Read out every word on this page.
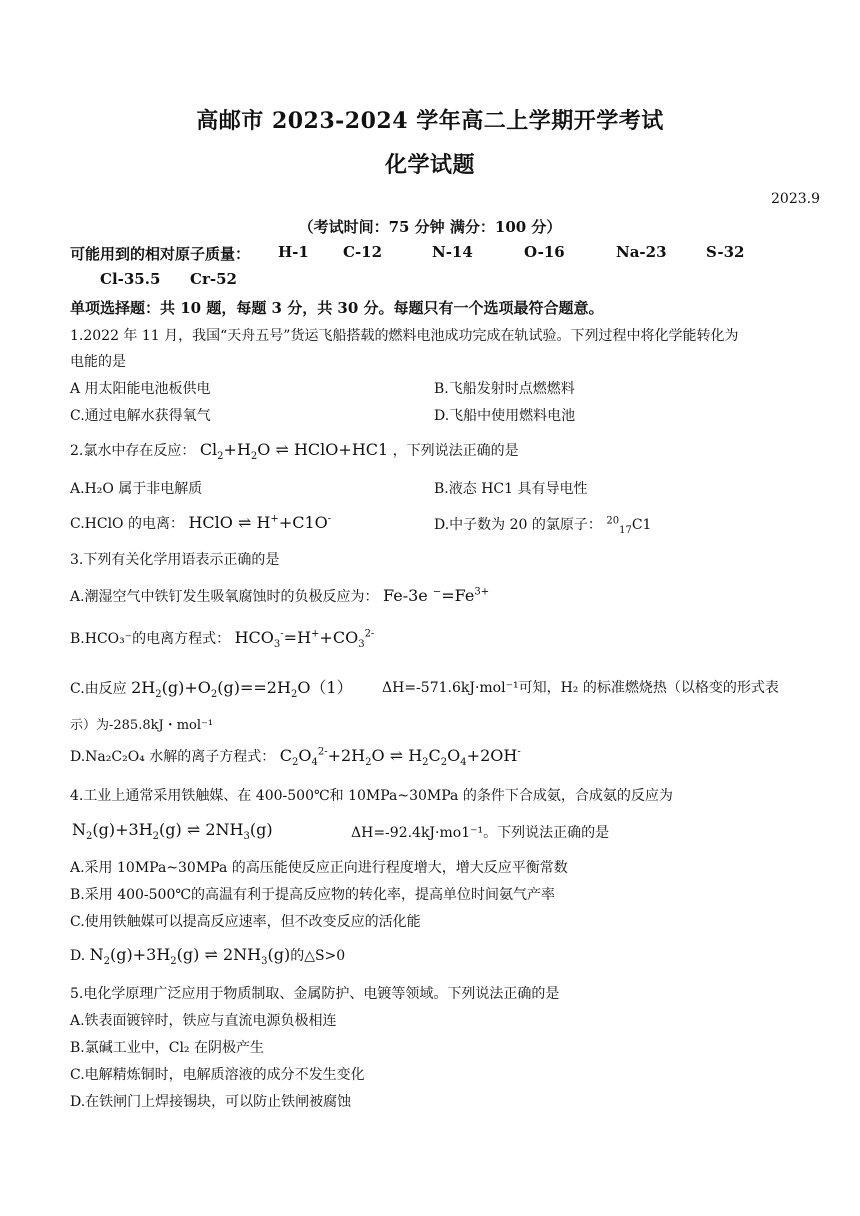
高邮市 2023-2024 学年高二上学期开学考试
化学试题
2023.9
（考试时间：75 分钟 满分：100 分）
可能用到的相对原子质量： H-1 C-12	N-14	O-16	Na-23	S-32
Cl-35.5 Cr-52
单项选择题：共 10 题，每题 3 分，共 30 分。每题只有一个选项最符合题意。
1.2022 年 11 月，我国“天舟五号”货运飞船搭载的燃料电池成功完成在轨试验。下列过程中将化学能转化为
电能的是
A 用太阳能电池板供电	B.飞船发射时点燃燃料
C.通过电解水获得氧气	D.飞船中使用燃料电池
2.氯水中存在反应： $Cl_2+H_2O$ ⇌ HClO+HC1 ，下列说法正确的是
A.H₂O 属于非电解质	B.液态 HC1 具有导电性
C.HClO 的电离： HClO ⇌ H++C1O-	D.中子数为 20 的氯原子： $^{20}_{17}$C1
3.下列有关化学用语表示正确的是
A.潮湿空气中铁钉发生吸氧腐蚀时的负极反应为： Fe-3e $^-=Fe^{3+}$
B.HCO₃⁻的电离方程式： $HCO_3^-=H^++CO_3^{2-}$
C.由反应 $2H_2(g)+O_2(g)==2H_2O(1)$ ΔH=-571.6kJ·mol⁻¹可知，H₂ 的标准燃烧热（以格变的形式表
示）为-285.8kJ・mol⁻¹
D.Na₂C₂O₄ 水解的离子方程式： $C_2O_4^{2-}+2H_2O$ ⇌ $H_2C_2O_4+2OH^-$
4.工业上通常采用铁触媒、在 400-500℃和 10MPa~30MPa 的条件下合成氨，合成氨的反应为
$N_2(g)+3H_2(g)$ ⇌ $2NH_3(g)$	ΔH=-92.4kJ·mo1⁻¹。下列说法正确的是
A.采用 10MPa~30MPa 的高压能使反应正向进行程度增大，增大反应平衡常数
B.采用 400-500℃的高温有利于提高反应物的转化率，提高单位时间氨气产率
C.使用铁触媒可以提高反应速率，但不改变反应的活化能
D. $N_2(g)+3H_2(g)$ ⇌ $2NH_3(g)$的△S>0
5.电化学原理广泛应用于物质制取、金属防护、电镀等领域。下列说法正确的是
A.铁表面镀锌时，铁应与直流电源负极相连
B.氯碱工业中，Cl₂ 在阴极产生
C.电解精炼铜时，电解质溶液的成分不发生变化
D.在铁闸门上焊接锡块，可以防止铁闸被腐蚀
